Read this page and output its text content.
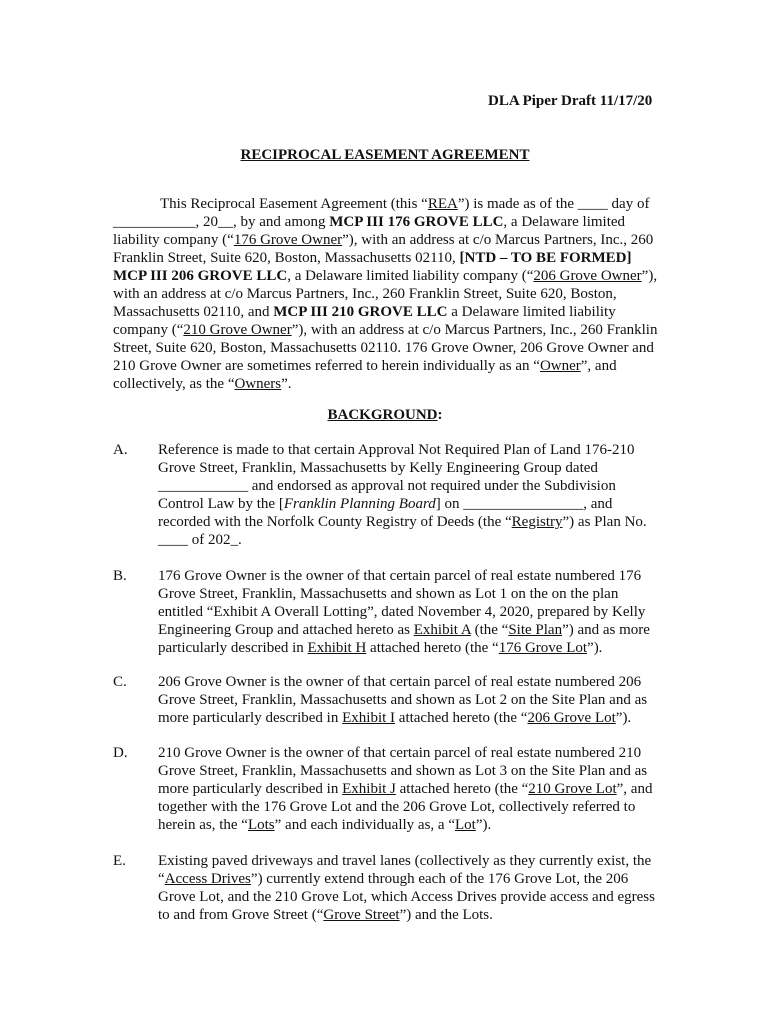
DLA Piper Draft 11/17/20
RECIPROCAL EASEMENT AGREEMENT

This Reciprocal Easement Agreement (this “REA”) is made as of the ____ day of ___________, 20__, by and among MCP III 176 GROVE LLC, a Delaware limited liability company (“176 Grove Owner”), with an address at c/o Marcus Partners, Inc., 260 Franklin Street, Suite 620, Boston, Massachusetts 02110, [NTD – TO BE FORMED] MCP III 206 GROVE LLC, a Delaware limited liability company (“206 Grove Owner”), with an address at c/o Marcus Partners, Inc., 260 Franklin Street, Suite 620, Boston, Massachusetts 02110, and MCP III 210 GROVE LLC a Delaware limited liability company (“210 Grove Owner”), with an address at c/o Marcus Partners, Inc., 260 Franklin Street, Suite 620, Boston, Massachusetts 02110. 176 Grove Owner, 206 Grove Owner and 210 Grove Owner are sometimes referred to herein individually as an “Owner”, and collectively, as the “Owners”.

BACKGROUND:
A. Reference is made to that certain Approval Not Required Plan of Land 176-210 Grove Street, Franklin, Massachusetts by Kelly Engineering Group dated ____________ and endorsed as approval not required under the Subdivision Control Law by the [Franklin Planning Board] on ________________, and recorded with the Norfolk County Registry of Deeds (the “Registry”) as Plan No. ____ of 202_.

B. 176 Grove Owner is the owner of that certain parcel of real estate numbered 176 Grove Street, Franklin, Massachusetts and shown as Lot 1 on the on the plan entitled “Exhibit A Overall Lotting”, dated November 4, 2020, prepared by Kelly Engineering Group and attached hereto as Exhibit A (the “Site Plan”) and as more particularly described in Exhibit H attached hereto (the “176 Grove Lot”).

C. 206 Grove Owner is the owner of that certain parcel of real estate numbered 206 Grove Street, Franklin, Massachusetts and shown as Lot 2 on the Site Plan and as more particularly described in Exhibit I attached hereto (the “206 Grove Lot”).

D. 210 Grove Owner is the owner of that certain parcel of real estate numbered 210 Grove Street, Franklin, Massachusetts and shown as Lot 3 on the Site Plan and as more particularly described in Exhibit J attached hereto (the “210 Grove Lot”, and together with the 176 Grove Lot and the 206 Grove Lot, collectively referred to herein as, the “Lots” and each individually as, a “Lot”).

E. Existing paved driveways and travel lanes (collectively as they currently exist, the “Access Drives”) currently extend through each of the 176 Grove Lot, the 206 Grove Lot, and the 210 Grove Lot, which Access Drives provide access and egress to and from Grove Street (“Grove Street”) and the Lots.
